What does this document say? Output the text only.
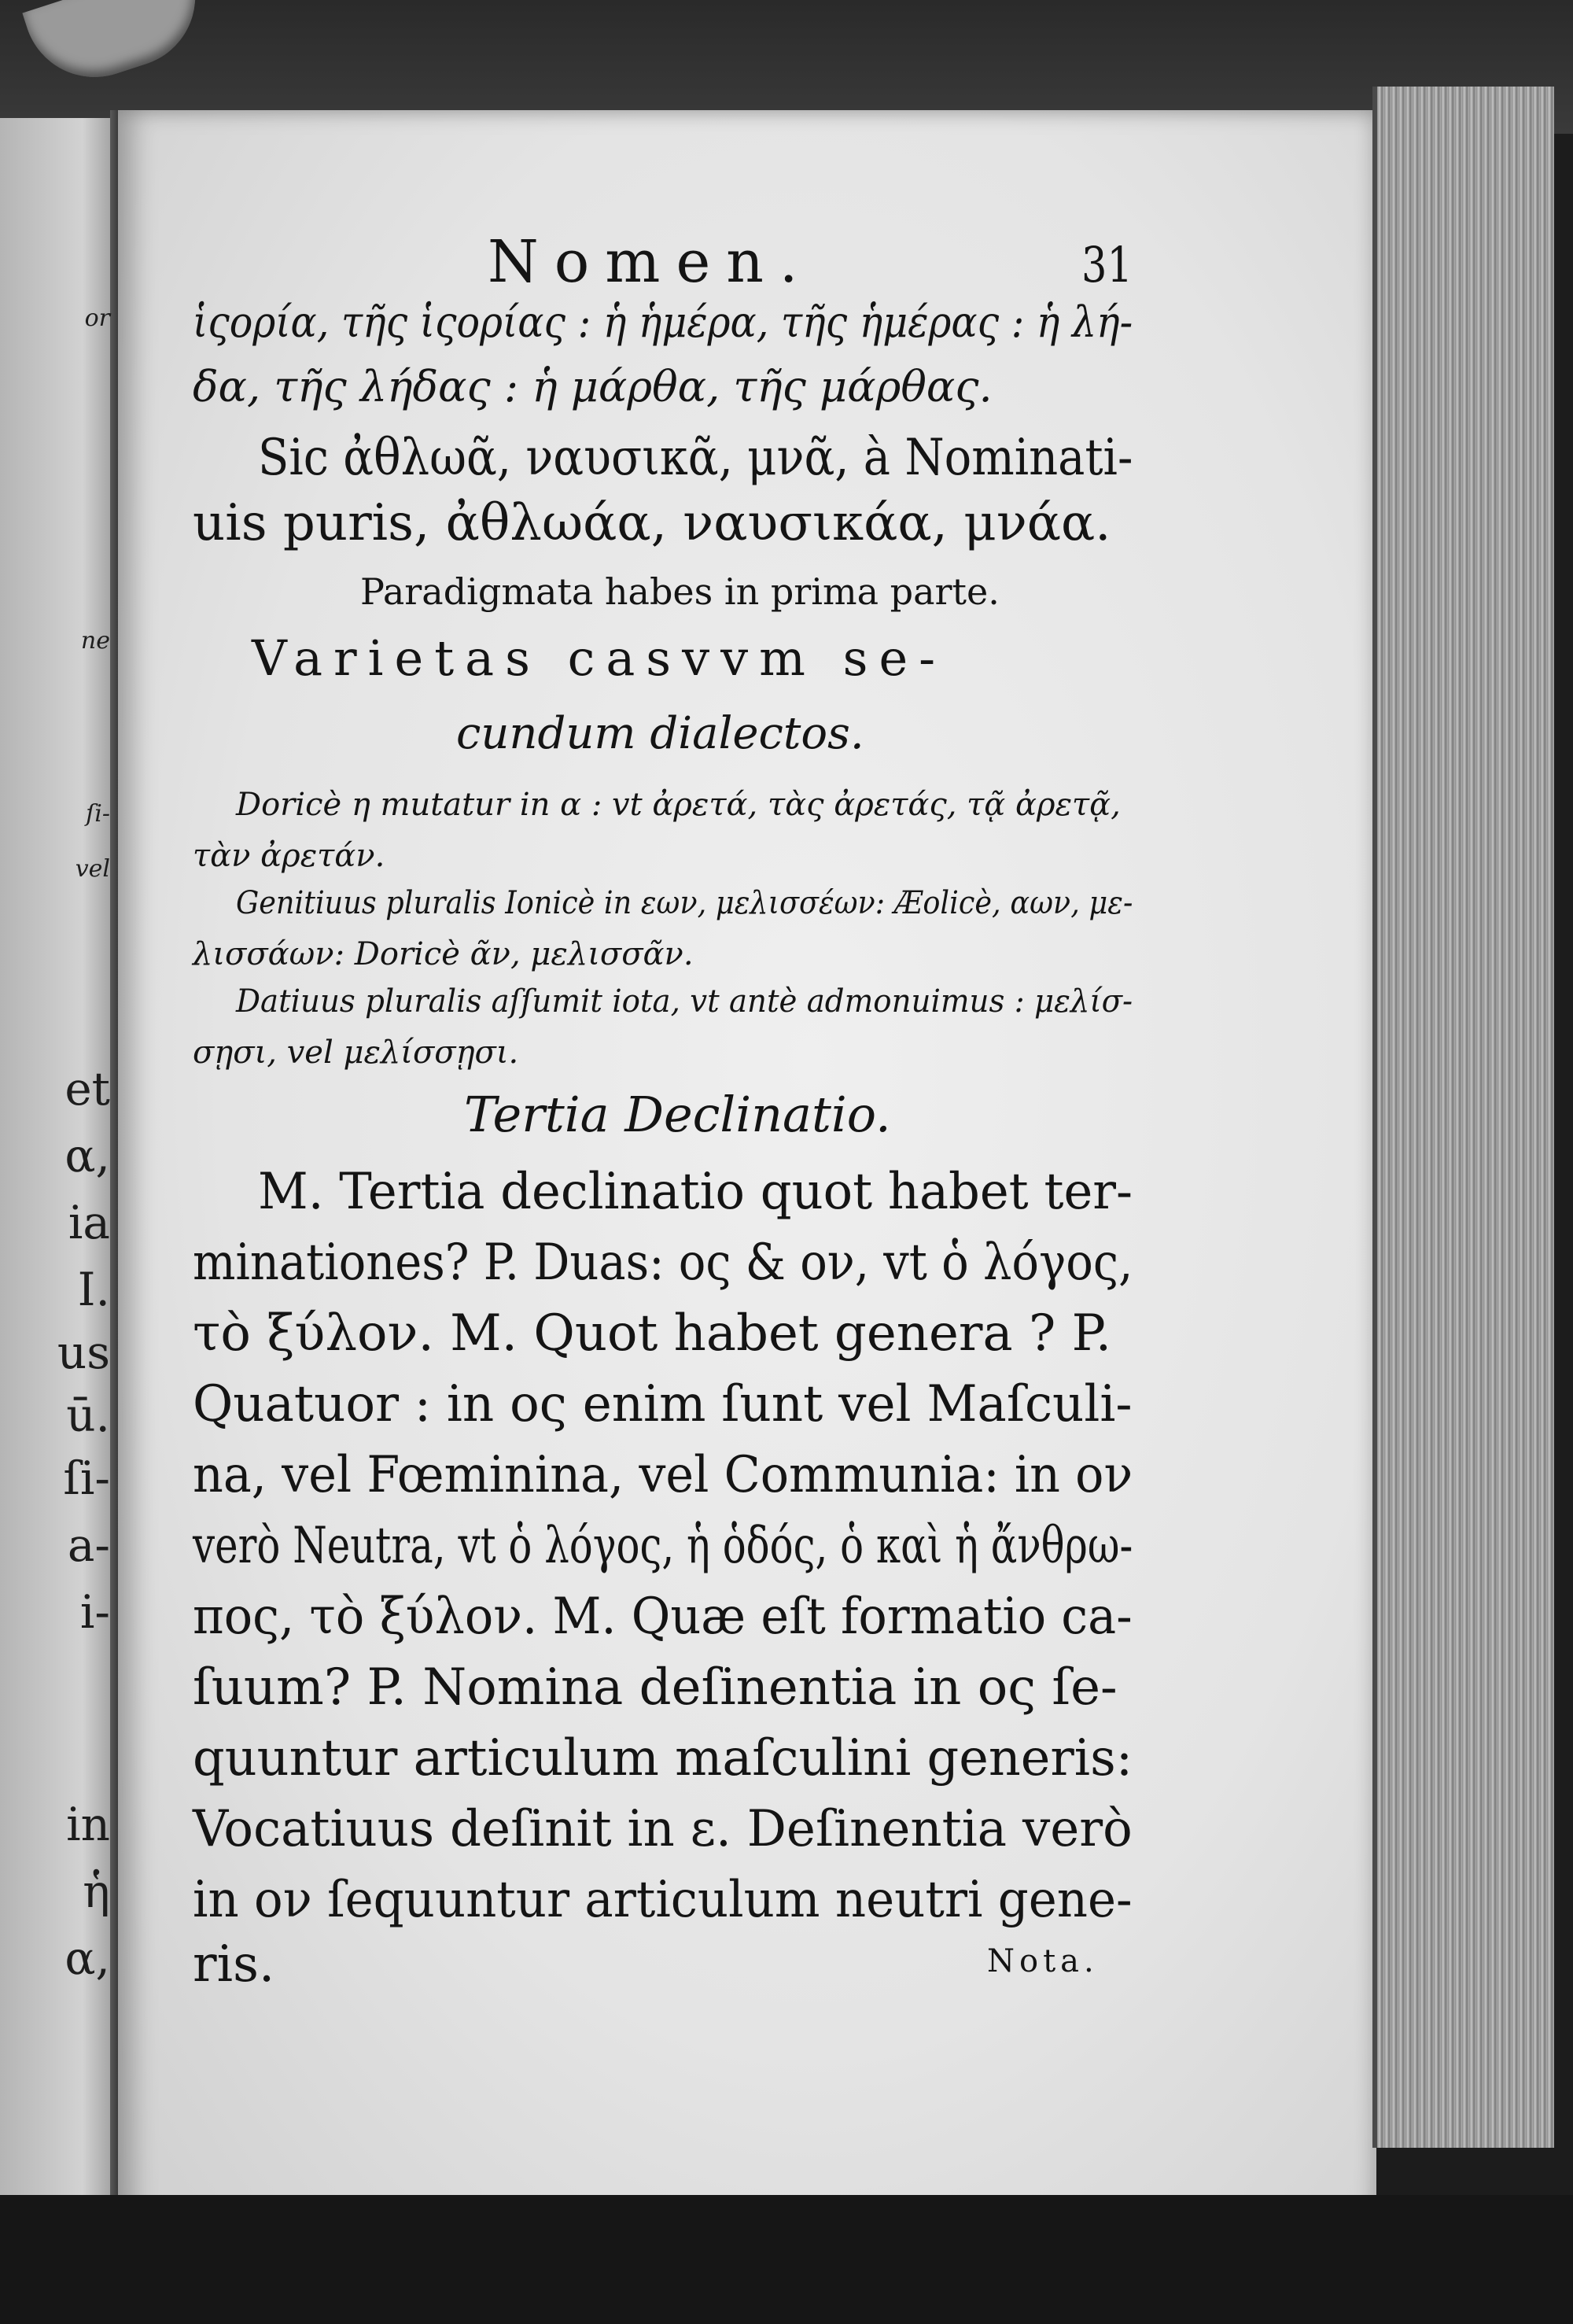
or
ne
ſi-
vel
et
α,
ia
I.
us
ū.
ſi-
a-
i-
in
ἡ
α,
Nomen.	31
ἱςορία, τῆς ἱςορίας : ἡ ἡμέρα, τῆς ἡμέρας : ἡ λή-
δα, τῆς λήδας : ἡ μάρθα, τῆς μάρθας.
Sic ἀθλωᾶ, ναυσικᾶ, μνᾶ, à Nominati-
uis puris, ἀθλωάα, ναυσικάα, μνάα.
Paradigmata habes in prima parte.
Varietas casvvm se-
cundum dialectos.
Doricè η mutatur in α : vt ἀρετά, τὰς ἀρετάς, τᾷ ἀρετᾷ,
τὰν ἀρετάν.
Genitiuus pluralis Ionicè in εων, μελισσέων: Æolicè, αων, με-
λισσάων: Doricè ᾶν, μελισσᾶν.
Datiuus pluralis aſſumit iota, vt antè admonuimus : μελίσ-
σῃσι, vel μελίσσῃσι.
Tertia Declinatio.
M. Tertia declinatio quot habet ter-
minationes? P. Duas: ος & ον, vt ὁ λόγος,
τὸ ξύλον. M. Quot habet genera ? P.
Quatuor : in ος enim ſunt vel Maſculi-
na, vel Fœminina, vel Communia: in ον
verò Neutra, vt ὁ λόγος, ἡ ὁδός, ὁ καὶ ἡ ἄνθρω-
πος, τὸ ξύλον. M. Quæ eſt formatio ca-
ſuum? P. Nomina deſinentia in ος ſe-
quuntur articulum maſculini generis:
Vocatiuus deſinit in ε. Deſinentia verò
in ον ſequuntur articulum neutri gene-
ris.	Nota.
